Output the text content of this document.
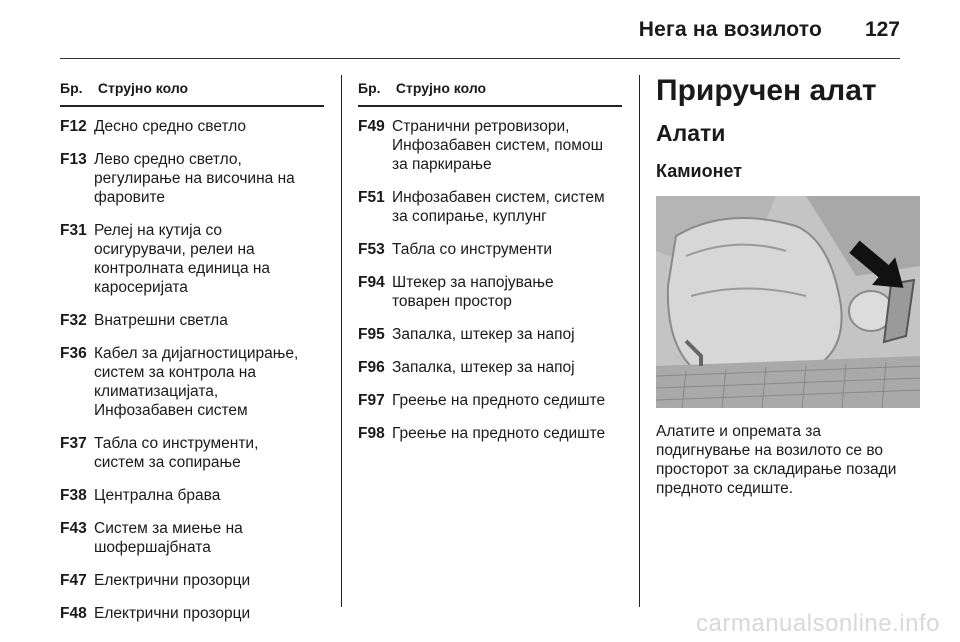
Нега на возилото 127
Бр. Струјно коло
F12 Десно средно светло
F13 Лево средно светло,
регулирање на височина на
фаровите
F31 Релеј на кутија со
осигурувачи, релеи на
контролната единица на
каросеријата
F32 Внатрешни светла
F36 Кабел за дијагностицирање,
систем за контрола на
климатизацијата,
Инфозабавен систем
F37 Табла со инструменти,
систем за сопирање
F38 Централна брава
F43 Систем за миење на
шофершајбната
F47 Електрични прозорци
F48 Електрични прозорци
Бр. Струјно коло
F49 Странични ретровизори,
Инфозабавен систем, помош
за паркирање
F51 Инфозабавен систем, систем
за сопирање, куплунг
F53 Табла со инструменти
F94 Штекер за напојување
товарен простор
F95 Запалка, штекер за напој
F96 Запалка, штекер за напој
F97 Греење на предното седиште
F98 Греење на предното седиште
Приручен алат
Алати
Камионет
Алатите и опремата за
подигнување на возилото се во
просторот за складирање позади
предното седиште.
carmanualsonline.info
